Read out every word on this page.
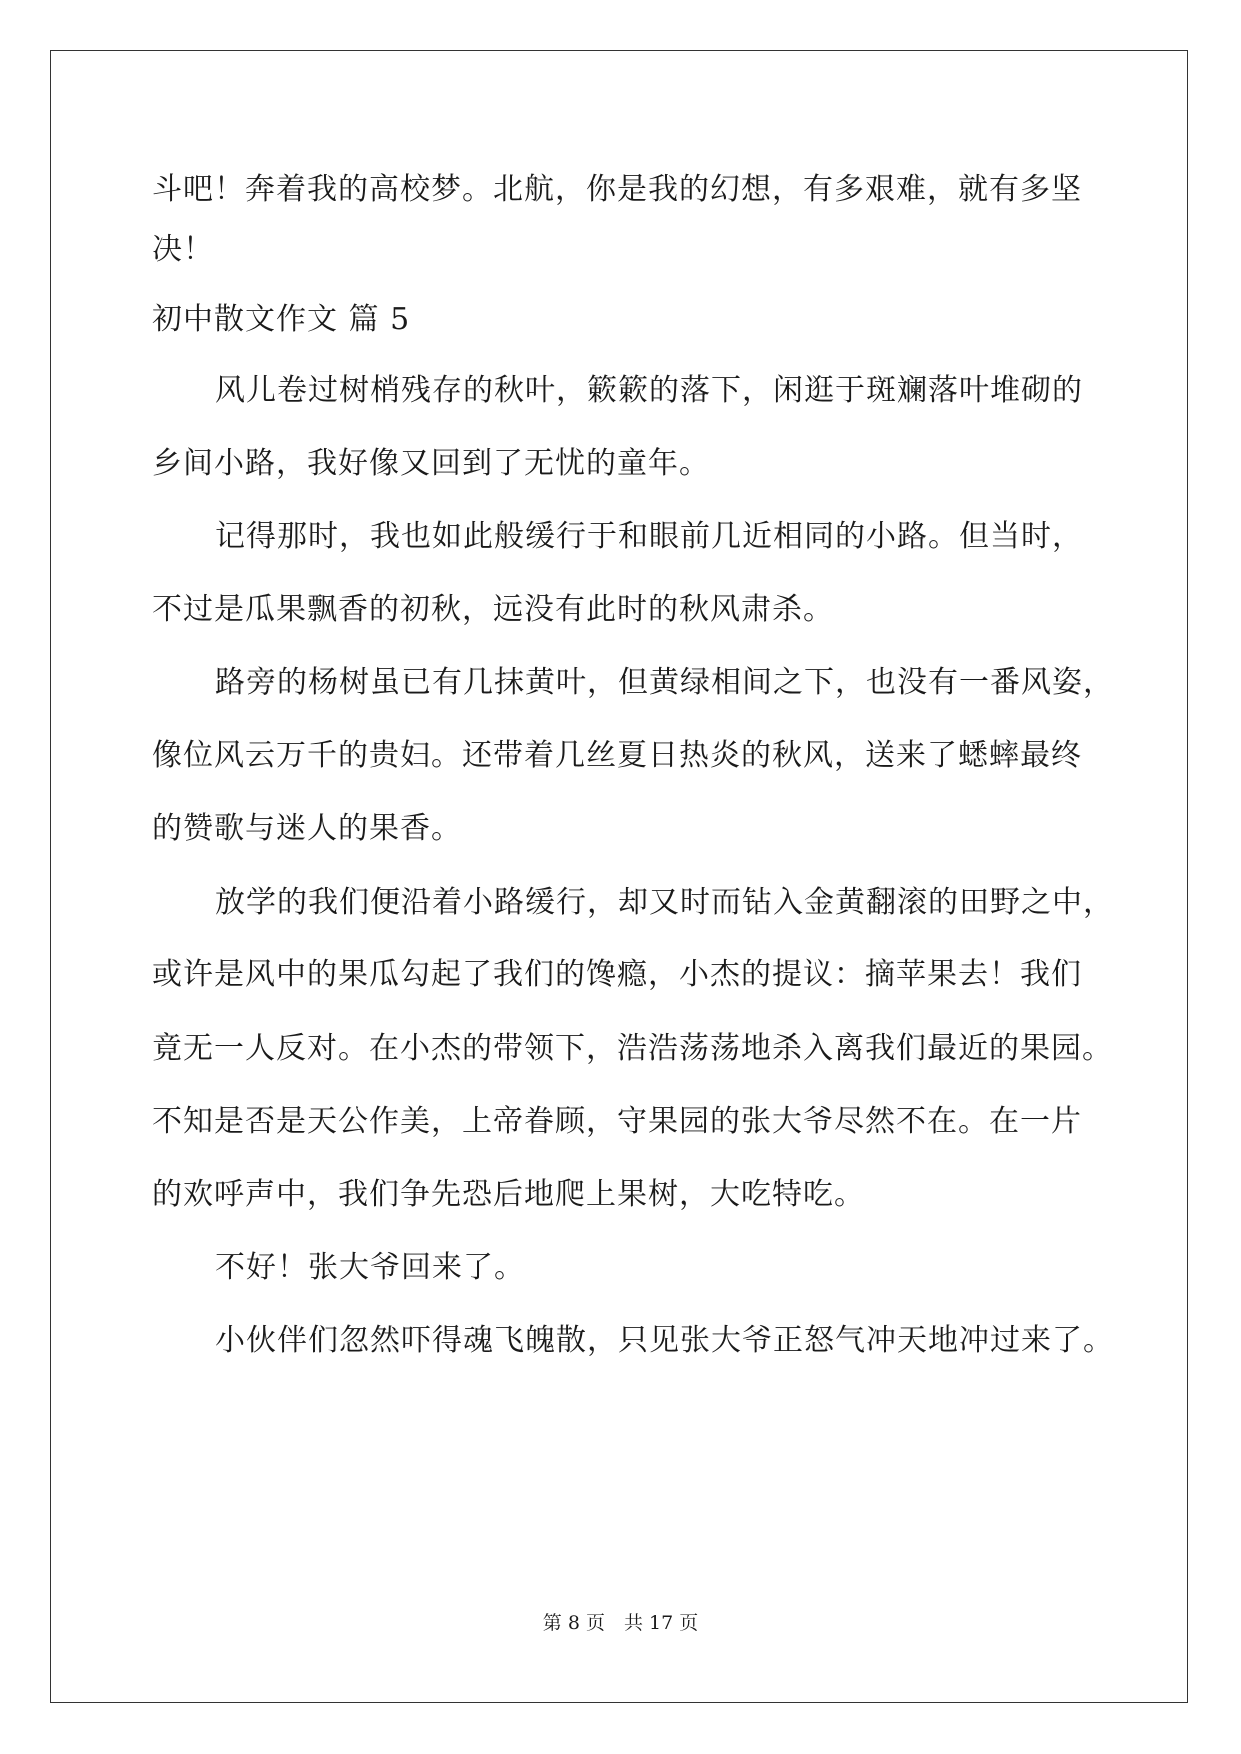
斗吧！奔着我的高校梦。北航，你是我的幻想，有多艰难，就有多坚
决！
初中散文作文 篇 5
风儿卷过树梢残存的秋叶，簌簌的落下，闲逛于斑斓落叶堆砌的
乡间小路，我好像又回到了无忧的童年。
记得那时，我也如此般缓行于和眼前几近相同的小路。但当时，
不过是瓜果飘香的初秋，远没有此时的秋风肃杀。
路旁的杨树虽已有几抹黄叶，但黄绿相间之下，也没有一番风姿，
像位风云万千的贵妇。还带着几丝夏日热炎的秋风，送来了蟋蟀最终
的赞歌与迷人的果香。
放学的我们便沿着小路缓行，却又时而钻入金黄翻滚的田野之中，
或许是风中的果瓜勾起了我们的馋瘾，小杰的提议：摘苹果去！我们
竟无一人反对。在小杰的带领下，浩浩荡荡地杀入离我们最近的果园。
不知是否是天公作美，上帝眷顾，守果园的张大爷尽然不在。在一片
的欢呼声中，我们争先恐后地爬上果树，大吃特吃。
不好！张大爷回来了。
小伙伴们忽然吓得魂飞魄散，只见张大爷正怒气冲天地冲过来了。
第 8 页　共 17 页
